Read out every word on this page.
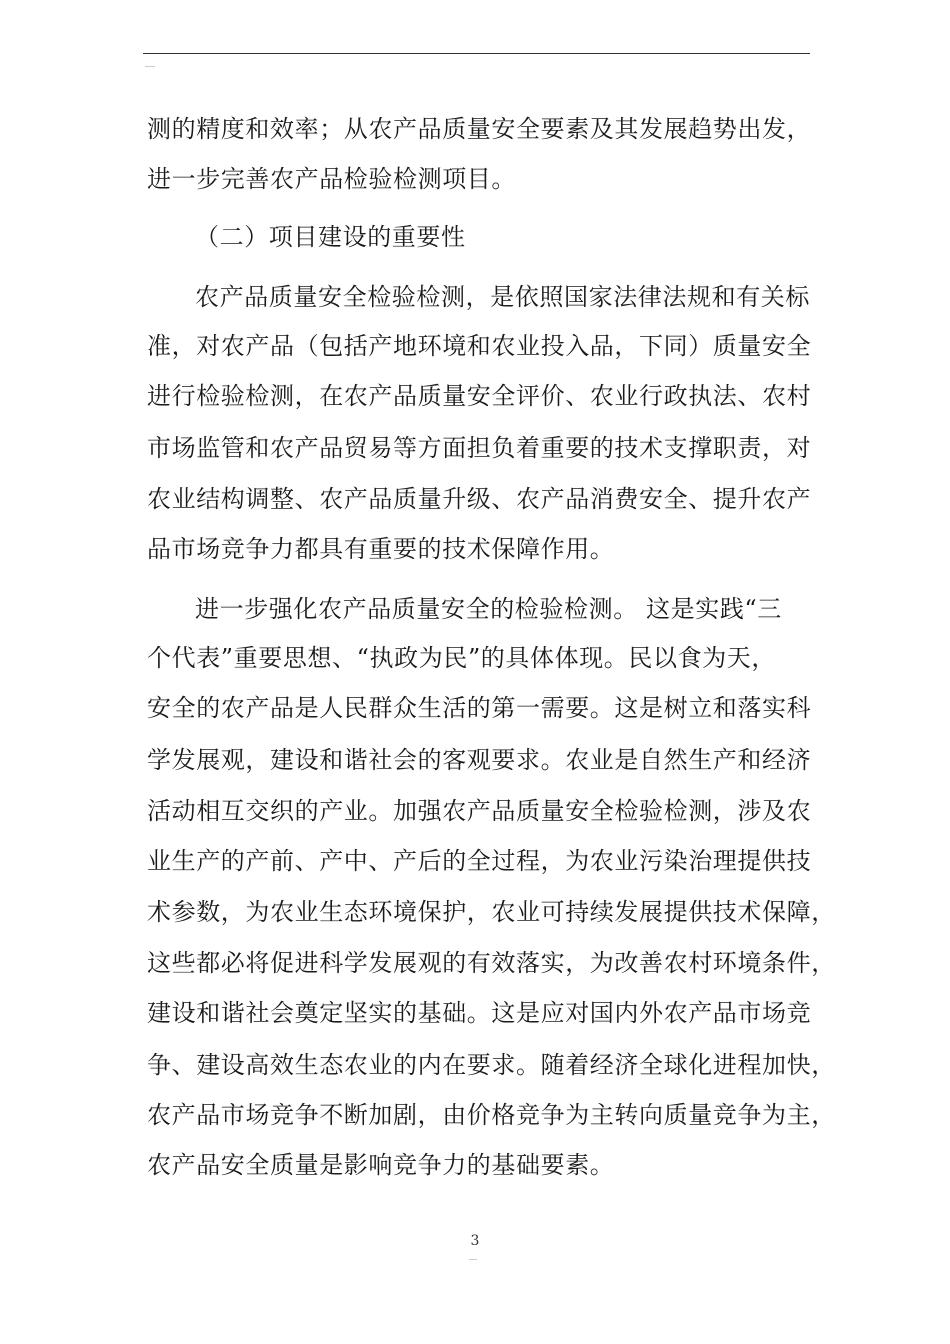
测的精度和效率；从农产品质量安全要素及其发展趋势出发，
进一步完善农产品检验检测项目。
（二）项目建设的重要性
农产品质量安全检验检测，是依照国家法律法规和有关标
准，对农产品（包括产地环境和农业投入品，下同）质量安全
进行检验检测，在农产品质量安全评价、农业行政执法、农村
市场监管和农产品贸易等方面担负着重要的技术支撑职责，对
农业结构调整、农产品质量升级、农产品消费安全、提升农产
品市场竞争力都具有重要的技术保障作用。
进一步强化农产品质量安全的检验检测。 这是实践“三
个代表”重要思想、“执政为民”的具体体现。民以食为天，
安全的农产品是人民群众生活的第一需要。这是树立和落实科
学发展观，建设和谐社会的客观要求。农业是自然生产和经济
活动相互交织的产业。加强农产品质量安全检验检测，涉及农
业生产的产前、产中、产后的全过程，为农业污染治理提供技
术参数，为农业生态环境保护，农业可持续发展提供技术保障，
这些都必将促进科学发展观的有效落实，为改善农村环境条件，
建设和谐社会奠定坚实的基础。这是应对国内外农产品市场竞
争、建设高效生态农业的内在要求。随着经济全球化进程加快，
农产品市场竞争不断加剧，由价格竞争为主转向质量竞争为主，
农产品安全质量是影响竞争力的基础要素。
3
